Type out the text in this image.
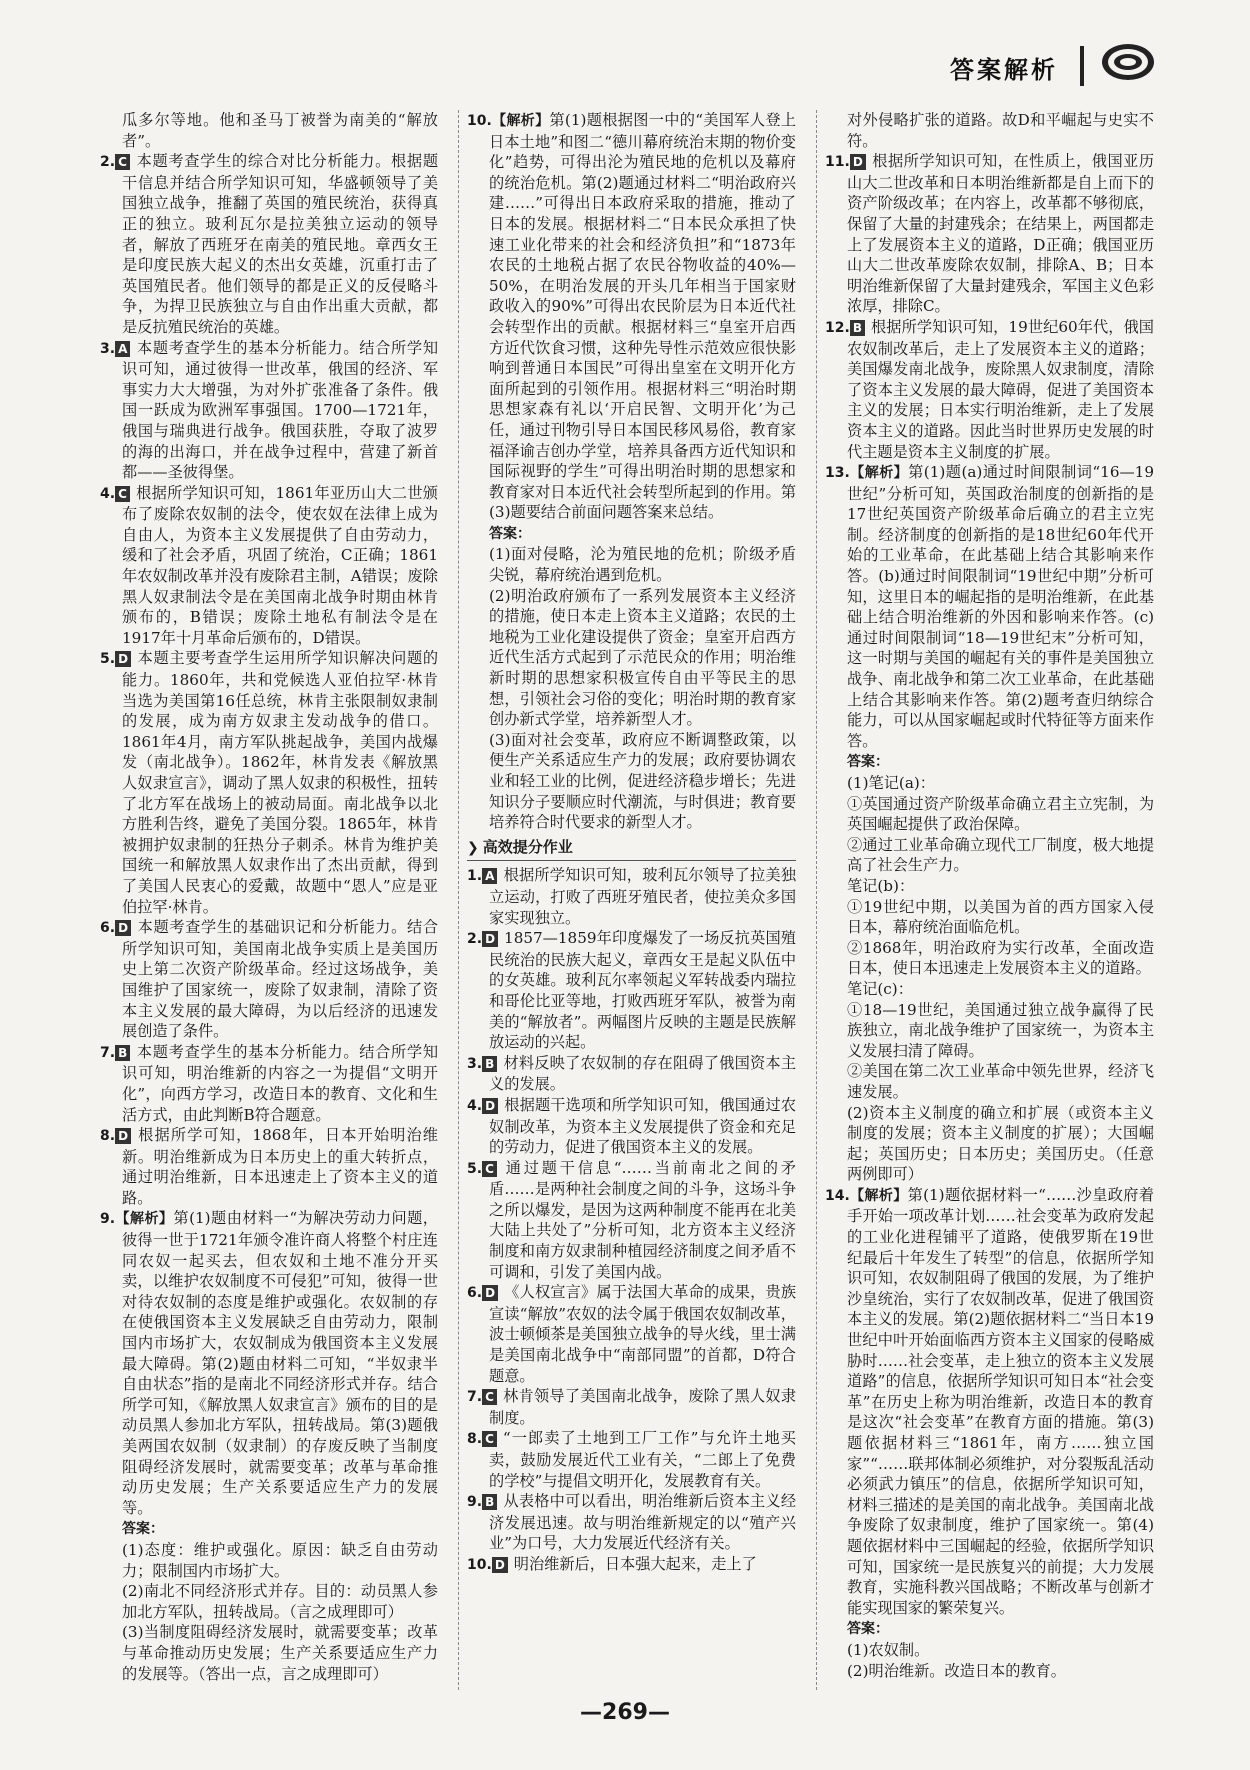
答案解析
瓜多尔等地。他和圣马丁被誉为南美的“解放者”。
2. C 本题考查学生的综合对比分析能力。根据题干信息并结合所学知识可知，华盛顿领导了美国独立战争，推翻了英国的殖民统治，获得真正的独立。玻利瓦尔是拉美独立运动的领导者，解放了西班牙在南美的殖民地。章西女王是印度民族大起义的杰出女英雄，沉重打击了英国殖民者。他们领导的都是正义的反侵略斗争，为捍卫民族独立与自由作出重大贡献，都是反抗殖民统治的英雄。
3. A 本题考查学生的基本分析能力。结合所学知识可知，通过彼得一世改革，俄国的经济、军事实力大大增强，为对外扩张准备了条件。俄国一跃成为欧洲军事强国。1700—1721年，俄国与瑞典进行战争。俄国获胜，夺取了波罗的海的出海口，并在战争过程中，营建了新首都——圣彼得堡。
4. C 根据所学知识可知，1861年亚历山大二世颁布了废除农奴制的法令，使农奴在法律上成为自由人，为资本主义发展提供了自由劳动力，缓和了社会矛盾，巩固了统治，C正确；1861年农奴制改革并没有废除君主制，A错误；废除黑人奴隶制法令是在美国南北战争时期由林肯颁布的，B错误；废除土地私有制法令是在1917年十月革命后颁布的，D错误。
5. D 本题主要考查学生运用所学知识解决问题的能力。1860年，共和党候选人亚伯拉罕·林肯当选为美国第16任总统，林肯主张限制奴隶制的发展，成为南方奴隶主发动战争的借口。1861年4月，南方军队挑起战争，美国内战爆发（南北战争）。1862年，林肯发表《解放黑人奴隶宣言》，调动了黑人奴隶的积极性，扭转了北方军在战场上的被动局面。南北战争以北方胜利告终，避免了美国分裂。1865年，林肯被拥护奴隶制的狂热分子刺杀。林肯为维护美国统一和解放黑人奴隶作出了杰出贡献，得到了美国人民衷心的爱戴，故题中“恩人”应是亚伯拉罕·林肯。
6. D 本题考查学生的基础识记和分析能力。结合所学知识可知，美国南北战争实质上是美国历史上第二次资产阶级革命。经过这场战争，美国维护了国家统一，废除了奴隶制，清除了资本主义发展的最大障碍，为以后经济的迅速发展创造了条件。
7. B 本题考查学生的基本分析能力。结合所学知识可知，明治维新的内容之一为提倡“文明开化”，向西方学习，改造日本的教育、文化和生活方式，由此判断B符合题意。
8. D 根据所学可知，1868年，日本开始明治维新。明治维新成为日本历史上的重大转折点，通过明治维新，日本迅速走上了资本主义的道路。
9.【解析】第(1)题由材料一“为解决劳动力问题，彼得一世于1721年颁令准许商人将整个村庄连同农奴一起买去，但农奴和土地不准分开买卖，以维护农奴制度不可侵犯”可知，彼得一世对待农奴制的态度是维护或强化。农奴制的存在使俄国资本主义发展缺乏自由劳动力，限制国内市场扩大，农奴制成为俄国资本主义发展最大障碍。第(2)题由材料二可知，“半奴隶半自由状态”指的是南北不同经济形式并存。结合所学可知，《解放黑人奴隶宣言》颁布的目的是动员黑人参加北方军队，扭转战局。第(3)题俄美两国农奴制（奴隶制）的存废反映了当制度阻碍经济发展时，就需要变革；改革与革命推动历史发展；生产关系要适应生产力的发展等。
答案：
(1)态度：维护或强化。原因：缺乏自由劳动力；限制国内市场扩大。
(2)南北不同经济形式并存。目的：动员黑人参加北方军队，扭转战局。（言之成理即可）
(3)当制度阻碍经济发展时，就需要变革；改革与革命推动历史发展；生产关系要适应生产力的发展等。（答出一点，言之成理即可）
10.【解析】第(1)题根据图一中的“美国军人登上日本土地”和图二“德川幕府统治末期的物价变化”趋势，可得出沦为殖民地的危机以及幕府的统治危机。第(2)题通过材料二“明治政府兴建……”可得出日本政府采取的措施，推动了日本的发展。根据材料二“日本民众承担了快速工业化带来的社会和经济负担”和“1873年农民的土地税占据了农民谷物收益的40%—50%，在明治发展的开头几年相当于国家财政收入的90%”可得出农民阶层为日本近代社会转型作出的贡献。根据材料三“皇室开启西方近代饮食习惯，这种先导性示范效应很快影响到普通日本国民”可得出皇室在文明开化方面所起到的引领作用。根据材料三“明治时期思想家森有礼以‘开启民智、文明开化’为己任，通过刊物引导日本国民移风易俗，教育家福泽谕吉创办学堂，培养具备西方近代知识和国际视野的学生”可得出明治时期的思想家和教育家对日本近代社会转型所起到的作用。第(3)题要结合前面问题答案来总结。
答案：
(1)面对侵略，沦为殖民地的危机；阶级矛盾尖锐，幕府统治遇到危机。
(2)明治政府颁布了一系列发展资本主义经济的措施，使日本走上资本主义道路；农民的土地税为工业化建设提供了资金；皇室开启西方近代生活方式起到了示范民众的作用；明治维新时期的思想家积极宣传自由平等民主的思想，引领社会习俗的变化；明治时期的教育家创办新式学堂，培养新型人才。
(3)面对社会变革，政府应不断调整政策，以便生产关系适应生产力的发展；政府要协调农业和轻工业的比例，促进经济稳步增长；先进知识分子要顺应时代潮流，与时俱进；教育要培养符合时代要求的新型人才。
❯ 高效提分作业
1. A 根据所学知识可知，玻利瓦尔领导了拉美独立运动，打败了西班牙殖民者，使拉美众多国家实现独立。
2. D 1857—1859年印度爆发了一场反抗英国殖民统治的民族大起义，章西女王是起义队伍中的女英雄。玻利瓦尔率领起义军转战委内瑞拉和哥伦比亚等地，打败西班牙军队，被誉为南美的“解放者”。两幅图片反映的主题是民族解放运动的兴起。
3. B 材料反映了农奴制的存在阻碍了俄国资本主义的发展。
4. D 根据题干选项和所学知识可知，俄国通过农奴制改革，为资本主义发展提供了资金和充足的劳动力，促进了俄国资本主义的发展。
5. C 通过题干信息“……当前南北之间的矛盾……是两种社会制度之间的斗争，这场斗争之所以爆发，是因为这两种制度不能再在北美大陆上共处了”分析可知，北方资本主义经济制度和南方奴隶制种植园经济制度之间矛盾不可调和，引发了美国内战。
6. D 《人权宣言》属于法国大革命的成果，贵族宣读“解放”农奴的法令属于俄国农奴制改革，波士顿倾茶是美国独立战争的导火线，里士满是美国南北战争中“南部同盟”的首都，D符合题意。
7. C 林肯领导了美国南北战争，废除了黑人奴隶制度。
8. C “一郎卖了土地到工厂工作”与允许土地买卖，鼓励发展近代工业有关，“二郎上了免费的学校”与提倡文明开化，发展教育有关。
9. B 从表格中可以看出，明治维新后资本主义经济发展迅速。故与明治维新规定的以“殖产兴业”为口号，大力发展近代经济有关。
10. D 明治维新后，日本强大起来，走上了
对外侵略扩张的道路。故D和平崛起与史实不符。
11. D 根据所学知识可知，在性质上，俄国亚历山大二世改革和日本明治维新都是自上而下的资产阶级改革；在内容上，改革都不够彻底，保留了大量的封建残余；在结果上，两国都走上了发展资本主义的道路，D正确；俄国亚历山大二世改革废除农奴制，排除A、B；日本明治维新保留了大量封建残余，军国主义色彩浓厚，排除C。
12. B 根据所学知识可知，19世纪60年代，俄国农奴制改革后，走上了发展资本主义的道路；美国爆发南北战争，废除黑人奴隶制度，清除了资本主义发展的最大障碍，促进了美国资本主义的发展；日本实行明治维新，走上了发展资本主义的道路。因此当时世界历史发展的时代主题是资本主义制度的扩展。
13.【解析】第(1)题(a)通过时间限制词“16—19世纪”分析可知，英国政治制度的创新指的是17世纪英国资产阶级革命后确立的君主立宪制。经济制度的创新指的是18世纪60年代开始的工业革命，在此基础上结合其影响来作答。(b)通过时间限制词“19世纪中期”分析可知，这里日本的崛起指的是明治维新，在此基础上结合明治维新的外因和影响来作答。(c)通过时间限制词“18—19世纪末”分析可知，这一时期与美国的崛起有关的事件是美国独立战争、南北战争和第二次工业革命，在此基础上结合其影响来作答。第(2)题考查归纳综合能力，可以从国家崛起或时代特征等方面来作答。
答案：
(1)笔记(a)：
①英国通过资产阶级革命确立君主立宪制，为英国崛起提供了政治保障。
②通过工业革命确立现代工厂制度，极大地提高了社会生产力。
笔记(b)：
①19世纪中期，以美国为首的西方国家入侵日本，幕府统治面临危机。
②1868年，明治政府为实行改革，全面改造日本，使日本迅速走上发展资本主义的道路。
笔记(c)：
①18—19世纪，美国通过独立战争赢得了民族独立，南北战争维护了国家统一，为资本主义发展扫清了障碍。
②美国在第二次工业革命中领先世界，经济飞速发展。
(2)资本主义制度的确立和扩展（或资本主义制度的发展；资本主义制度的扩展）；大国崛起；英国历史；日本历史；美国历史。（任意两例即可）
14.【解析】第(1)题依据材料一“……沙皇政府着手开始一项改革计划……社会变革为政府发起的工业化进程铺平了道路，使俄罗斯在19世纪最后十年发生了转型”的信息，依据所学知识可知，农奴制阻碍了俄国的发展，为了维护沙皇统治，实行了农奴制改革，促进了俄国资本主义的发展。第(2)题依据材料二“当日本19世纪中叶开始面临西方资本主义国家的侵略威胁时……社会变革，走上独立的资本主义发展道路”的信息，依据所学知识可知日本“社会变革”在历史上称为明治维新，改造日本的教育是这次“社会变革”在教育方面的措施。第(3)题依据材料三“1861年，南方……独立国家”“……联邦体制必须维护，对分裂叛乱活动必须武力镇压”的信息，依据所学知识可知，材料三描述的是美国的南北战争。美国南北战争废除了奴隶制度，维护了国家统一。第(4)题依据材料中三国崛起的经验，依据所学知识可知，国家统一是民族复兴的前提；大力发展教育，实施科教兴国战略；不断改革与创新才能实现国家的繁荣复兴。
答案：
(1)农奴制。
(2)明治维新。改造日本的教育。
—269—
